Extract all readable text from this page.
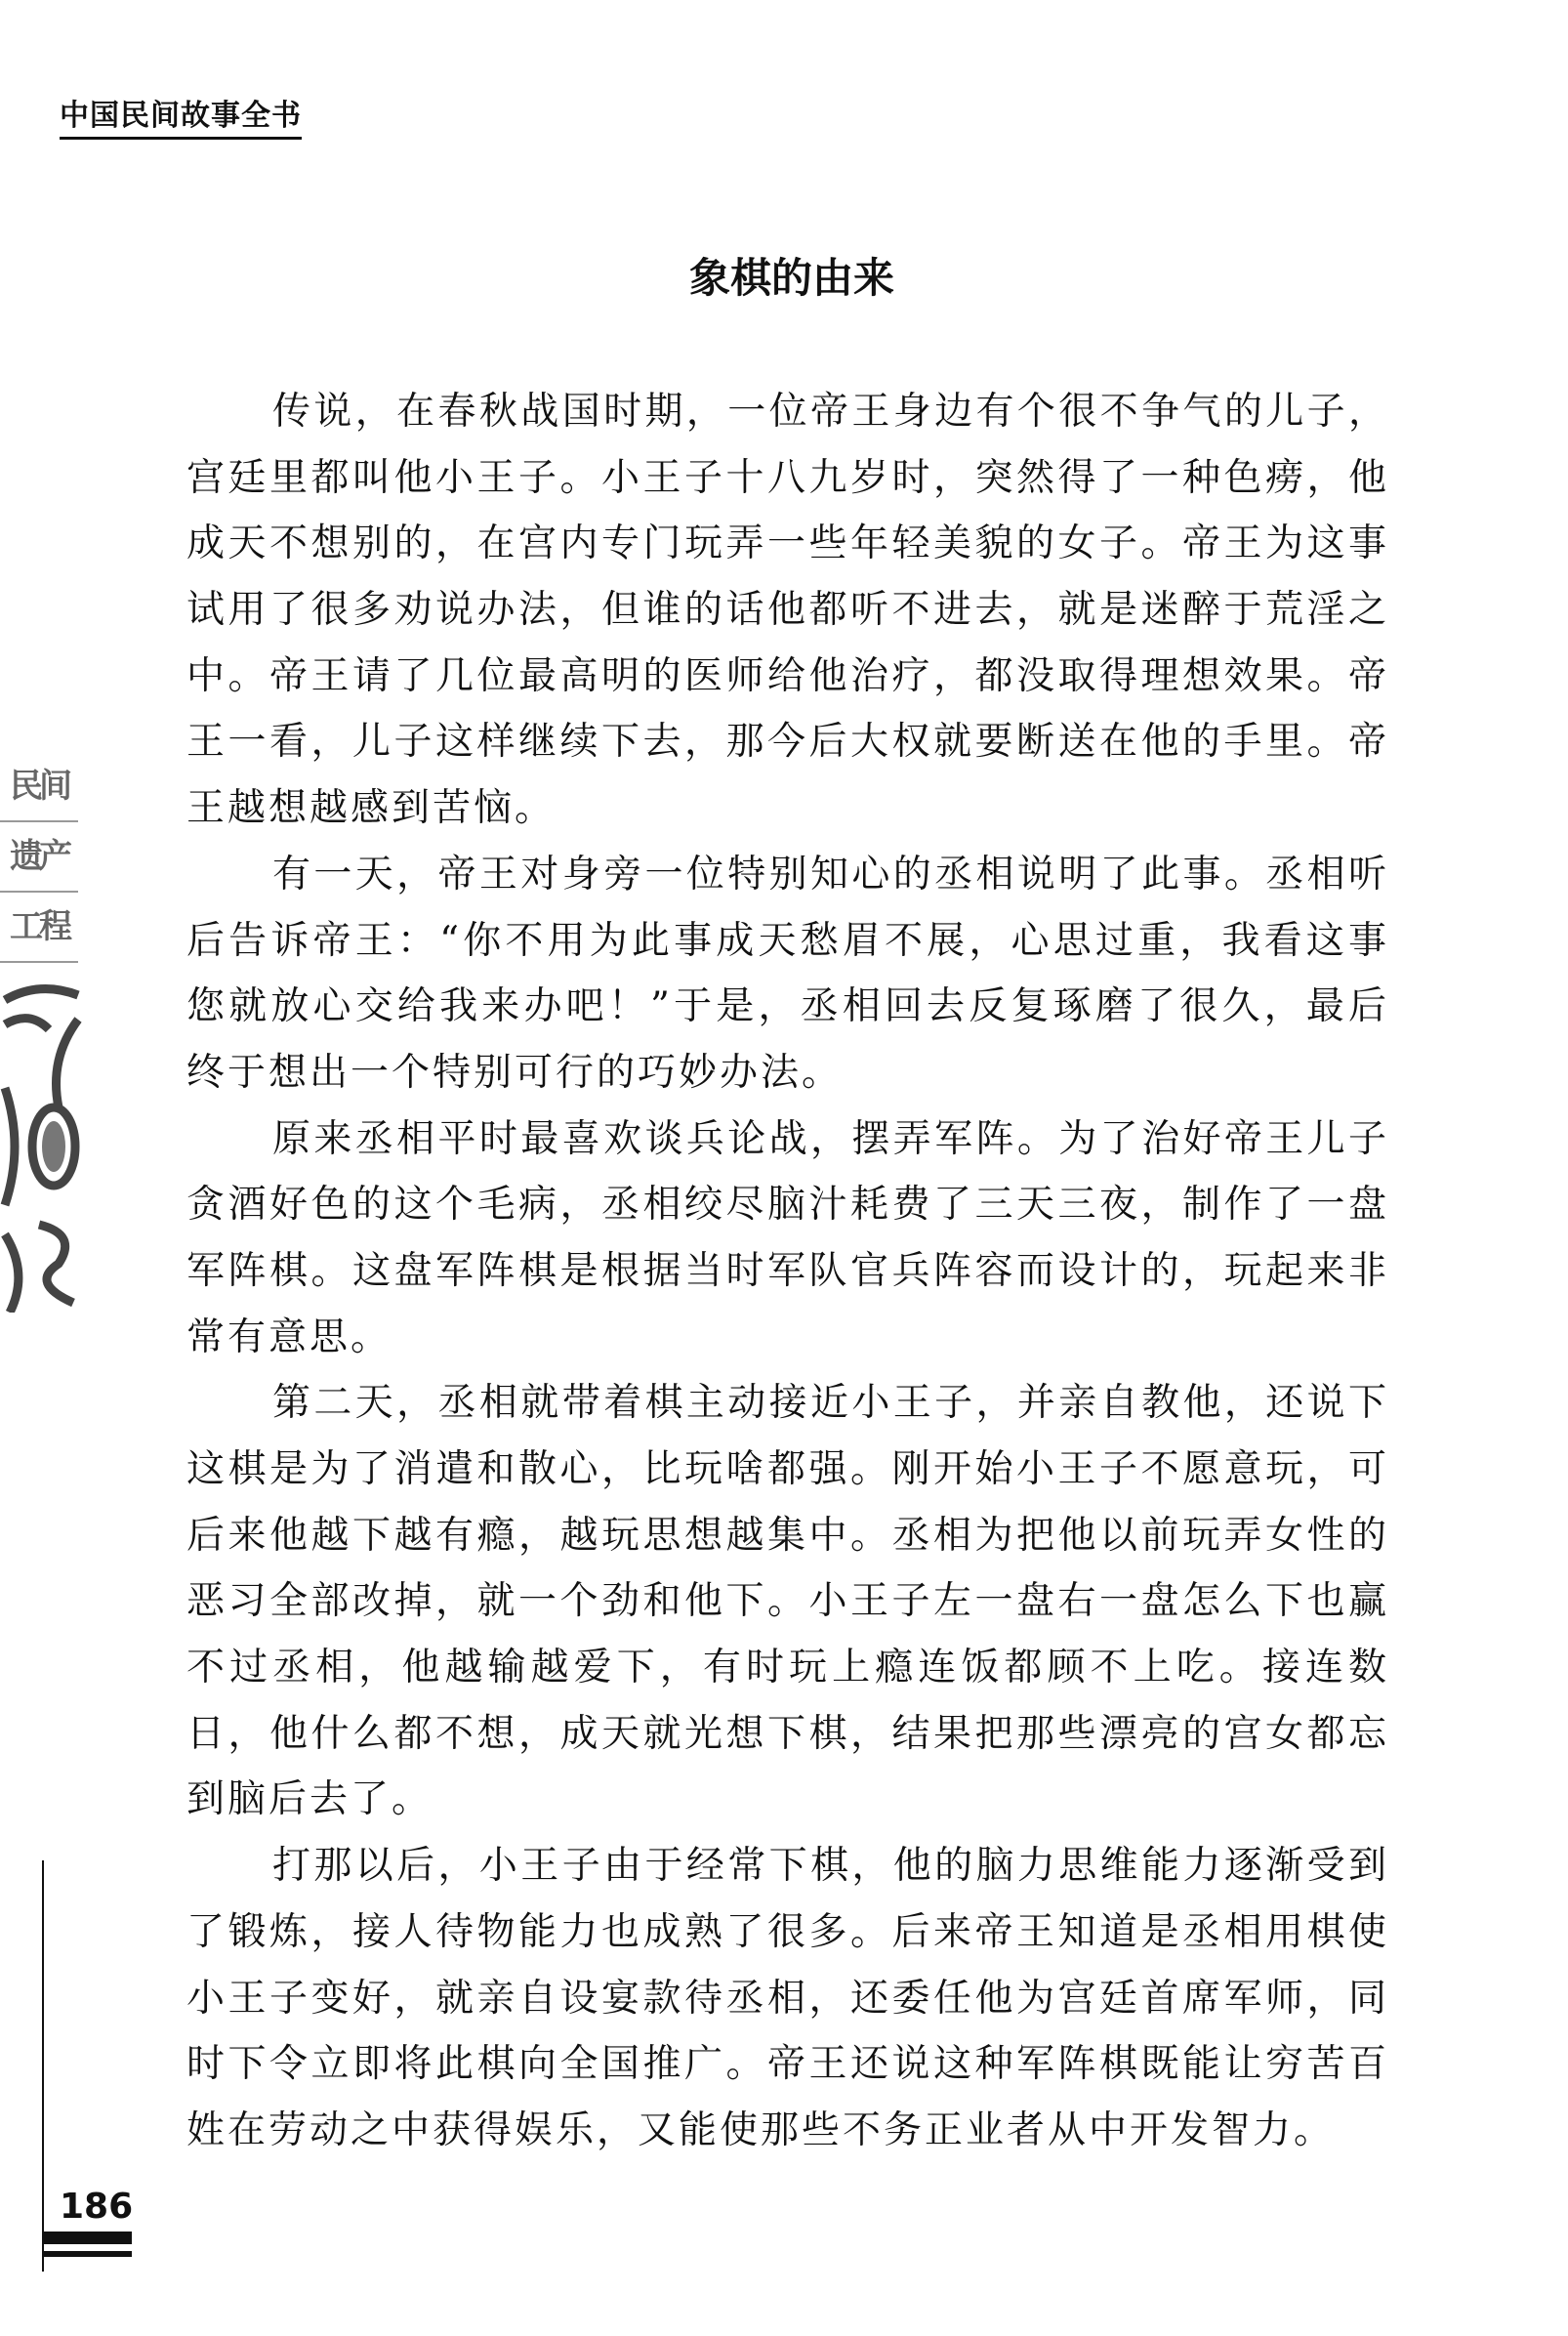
中国民间故事全书
象棋的由来
传说，在春秋战国时期，一位帝王身边有个很不争气的儿子，
宫廷里都叫他小王子。小王子十八九岁时，突然得了一种色痨，他
成天不想别的，在宫内专门玩弄一些年轻美貌的女子。帝王为这事
试用了很多劝说办法，但谁的话他都听不进去，就是迷醉于荒淫之
中。帝王请了几位最高明的医师给他治疗，都没取得理想效果。帝
王一看，儿子这样继续下去，那今后大权就要断送在他的手里。帝
王越想越感到苦恼。
有一天，帝王对身旁一位特别知心的丞相说明了此事。丞相听
后告诉帝王：“你不用为此事成天愁眉不展，心思过重，我看这事
您就放心交给我来办吧！”于是，丞相回去反复琢磨了很久，最后
终于想出一个特别可行的巧妙办法。
原来丞相平时最喜欢谈兵论战，摆弄军阵。为了治好帝王儿子
贪酒好色的这个毛病，丞相绞尽脑汁耗费了三天三夜，制作了一盘
军阵棋。这盘军阵棋是根据当时军队官兵阵容而设计的，玩起来非
常有意思。
第二天，丞相就带着棋主动接近小王子，并亲自教他，还说下
这棋是为了消遣和散心，比玩啥都强。刚开始小王子不愿意玩，可
后来他越下越有瘾，越玩思想越集中。丞相为把他以前玩弄女性的
恶习全部改掉，就一个劲和他下。小王子左一盘右一盘怎么下也赢
不过丞相，他越输越爱下，有时玩上瘾连饭都顾不上吃。接连数
日，他什么都不想，成天就光想下棋，结果把那些漂亮的宫女都忘
到脑后去了。
打那以后，小王子由于经常下棋，他的脑力思维能力逐渐受到
了锻炼，接人待物能力也成熟了很多。后来帝王知道是丞相用棋使
小王子变好，就亲自设宴款待丞相，还委任他为宫廷首席军师，同
时下令立即将此棋向全国推广。帝王还说这种军阵棋既能让穷苦百
姓在劳动之中获得娱乐，又能使那些不务正业者从中开发智力。
民间
遗产
工程
186
